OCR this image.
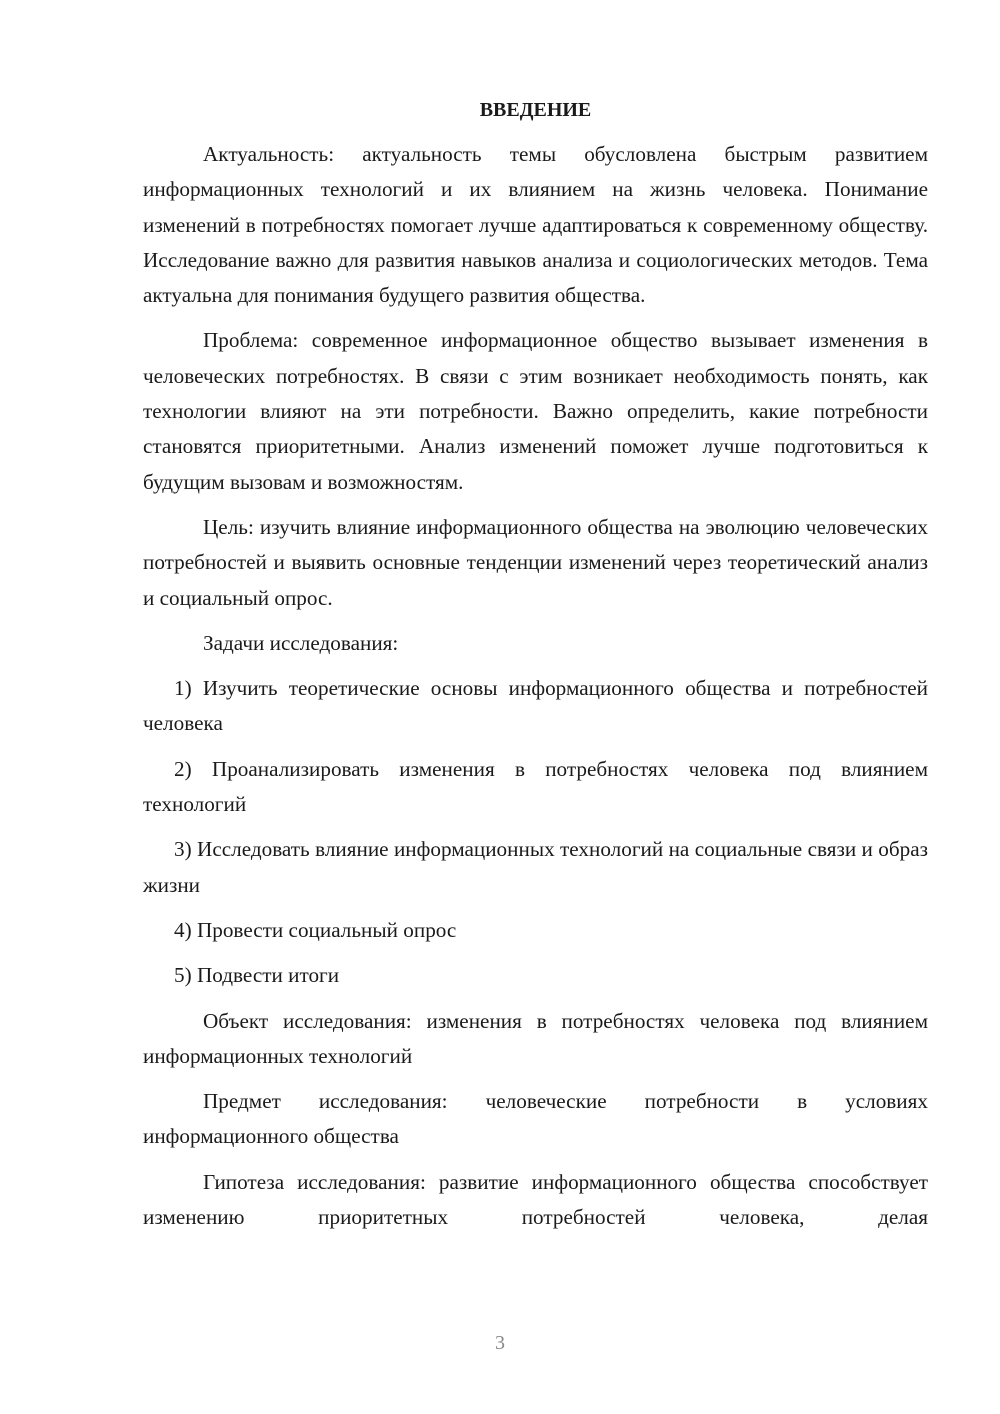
ВВЕДЕНИЕ

Актуальность: актуальность темы обусловлена быстрым развитием информационных технологий и их влиянием на жизнь человека. Понимание изменений в потребностях помогает лучше адаптироваться к современному обществу. Исследование важно для развития навыков анализа и социологических методов. Тема актуальна для понимания будущего развития общества.

Проблема: современное информационное общество вызывает изменения в человеческих потребностях. В связи с этим возникает необходимость понять, как технологии влияют на эти потребности. Важно определить, какие потребности становятся приоритетными. Анализ изменений поможет лучше подготовиться к будущим вызовам и возможностям.

Цель: изучить влияние информационного общества на эволюцию человеческих потребностей и выявить основные тенденции изменений через теоретический анализ и социальный опрос.

Задачи исследования:

1) Изучить теоретические основы информационного общества и потребностей человека

2) Проанализировать изменения в потребностях человека под влиянием технологий

3) Исследовать влияние информационных технологий на социальные связи и образ жизни

4) Провести социальный опрос

5) Подвести итоги

Объект исследования: изменения в потребностях человека под влиянием информационных технологий

Предмет исследования: человеческие потребности в условиях информационного общества

Гипотеза исследования: развитие информационного общества способствует изменению приоритетных потребностей человека, делая

3
